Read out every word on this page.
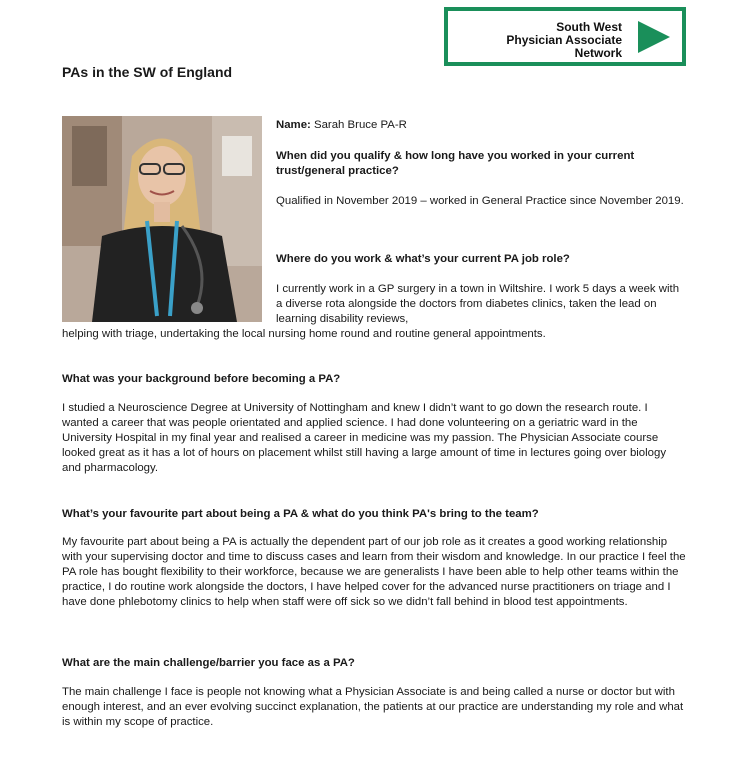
South West
Physician Associate
Network
PAs in the SW of England

Name: Sarah Bruce PA-R

When did you qualify & how long have you worked in your current trust/general practice?

Qualified in November 2019 – worked in General Practice since November 2019.

Where do you work & what’s your current PA job role?

I currently work in a GP surgery in a town in Wiltshire. I work 5 days a week with a diverse rota alongside the doctors from diabetes clinics, taken the lead on learning disability reviews,

helping with triage, undertaking the local nursing home round and routine general appointments.

What was your background before becoming a PA?

I studied a Neuroscience Degree at University of Nottingham and knew I didn’t want to go down the research route. I wanted a career that was people orientated and applied science. I had done volunteering on a geriatric ward in the University Hospital in my final year and realised a career in medicine was my passion. The Physician Associate course looked great as it has a lot of hours on placement whilst still having a large amount of time in lectures going over biology and pharmacology.

What’s your favourite part about being a PA & what do you think PA's bring to the team?

My favourite part about being a PA is actually the dependent part of our job role as it creates a good working relationship with your supervising doctor and time to discuss cases and learn from their wisdom and knowledge. In our practice I feel the PA role has bought flexibility to their workforce, because we are generalists I have been able to help other teams within the practice, I do routine work alongside the doctors, I have helped cover for the advanced nurse practitioners on triage and I have done phlebotomy clinics to help when staff were off sick so we didn’t fall behind in blood test appointments.

What are the main challenge/barrier you face as a PA?

The main challenge I face is people not knowing what a Physician Associate is and being called a nurse or doctor but with enough interest, and an ever evolving succinct explanation, the patients at our practice are understanding my role and what is within my scope of practice.
